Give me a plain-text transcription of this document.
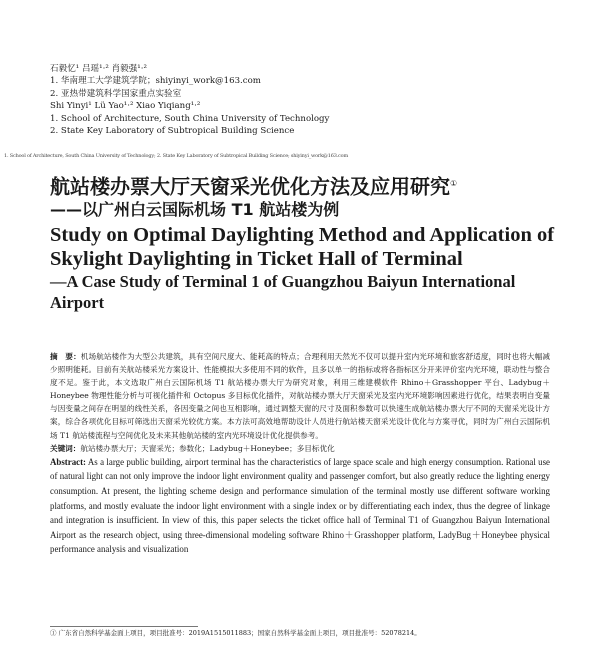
石毅忆¹ 吕瑶¹·² 肖毅强¹·²
1. 华南理工大学建筑学院；shiyinyi_work@163.com
2. 亚热带建筑科学国家重点实验室
Shi Yinyi¹ Lü Yao¹·² Xiao Yiqiang¹·²
1. School of Architecture, South China University of Technology
2. State Key Laboratory of Subtropical Building Science
1. School of Architecture, South China University of Technology; 2. State Key Laboratory of Subtropical Building Science; shiyinyi_work@163.com
航站楼办票大厅天窗采光优化方法及应用研究①
——以广州白云国际机场 T1 航站楼为例
Study on Optimal Daylighting Method and Application of Skylight Daylighting in Ticket Hall of Terminal
—A Case Study of Terminal 1 of Guangzhou Baiyun International Airport

摘　要：机场航站楼作为大型公共建筑，具有空间尺度大、能耗高的特点；合理利用天然光不仅可以提升室内光环境和旅客舒适度，同时也将大幅减少照明能耗。目前有关航站楼采光方案设计、性能模拟大多使用不同的软件，且多以单一的指标或将各指标区分开来评价室内光环境，联动性与整合度不足。鉴于此，本文选取广州白云国际机场 T1 航站楼办票大厅为研究对象，利用三维建模软件 Rhino＋Grasshopper 平台、Ladybug＋Honeybee 物理性能分析与可视化插件和 Octopus 多目标优化插件，对航站楼办票大厅天窗采光及室内光环境影响因素进行优化，结果表明自变量与因变量之间存在明显的线性关系，各因变量之间也互相影响，通过调整天窗的尺寸及面积参数可以快速生成航站楼办票大厅不同的天窗采光设计方案，综合各项优化目标可筛选出天窗采光较优方案。本方法可高效地帮助设计人员进行航站楼天窗采光设计优化与方案寻优，同时为广州白云国际机场 T1 航站楼流程与空间优化及未来其他航站楼的室内光环境设计优化提供参考。

关键词：航站楼办票大厅；天窗采光；参数化；Ladybug＋Honeybee；多目标优化

Abstract: As a large public building, airport terminal has the characteristics of large space scale and high energy consumption. Rational use of natural light can not only improve the indoor light environment quality and passenger comfort, but also greatly reduce the lighting energy consumption. At present, the lighting scheme design and performance simulation of the terminal mostly use different software working platforms, and mostly evaluate the indoor light environment with a single index or by differentiating each index, thus the degree of linkage and integration is insufficient. In view of this, this paper selects the ticket office hall of Terminal T1 of Guangzhou Baiyun International Airport as the research object, using three-dimensional modeling software Rhino＋Grasshopper platform, LadyBug＋Honeybee physical performance analysis and visualization

① 广东省自然科学基金面上项目，项目批准号：2019A1515011883；国家自然科学基金面上项目，项目批准号：52078214。
